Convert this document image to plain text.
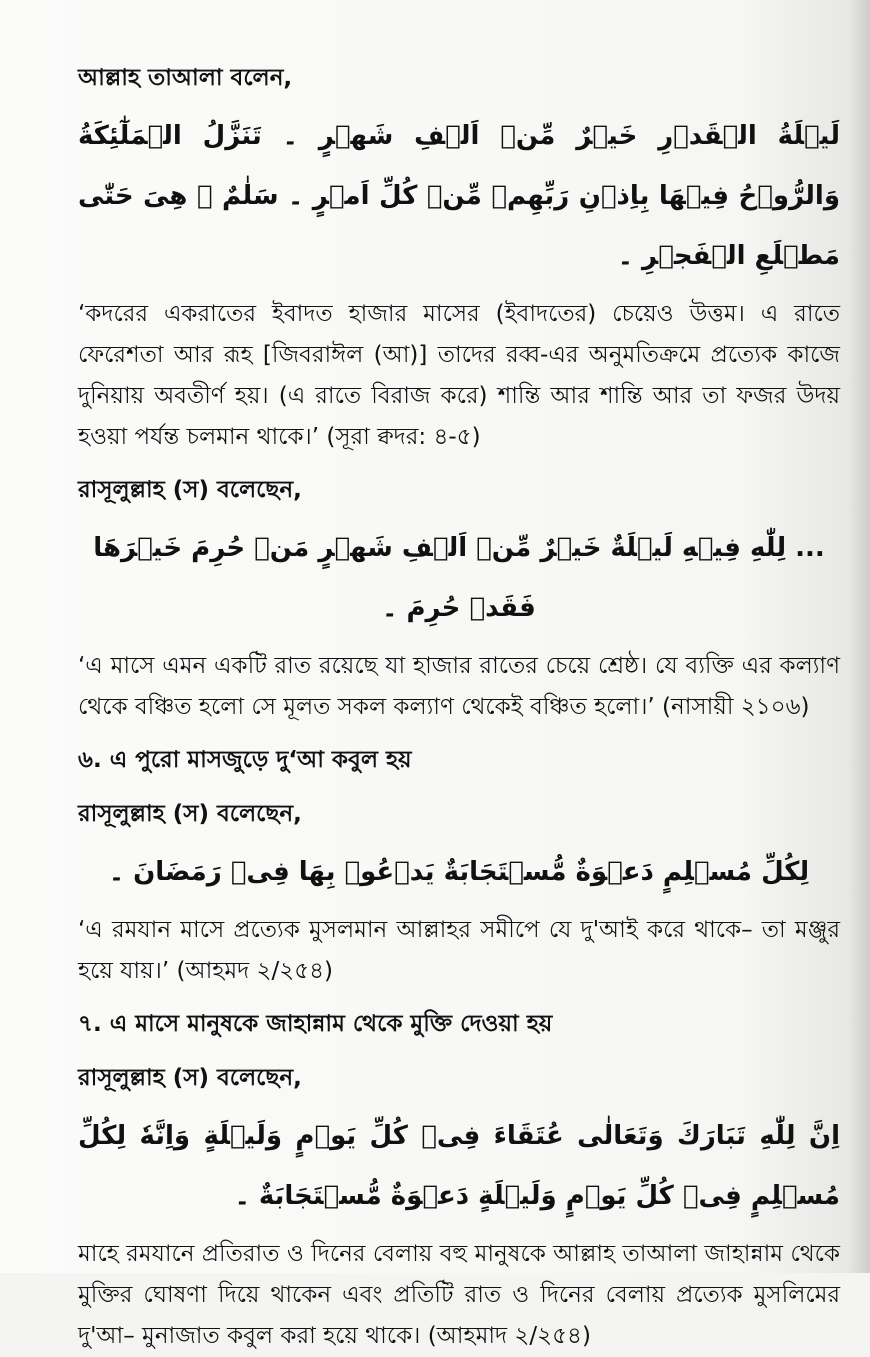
আল্লাহ তাআলা বলেন,

لَيۡلَةُ الۡقَدۡرِ خَيۡرٌ مِّنۡ اَلۡفِ شَهۡرٍ ۔ تَنَزَّلُ الۡمَلٰٓئِكَةُ وَالرُّوۡحُ فِيۡهَا بِاِذۡنِ رَبِّهِمۡ مِّنۡ كُلِّ اَمۡرٍ ۔ سَلٰمٌ ۛ هِیَ حَتّٰى مَطۡلَعِ الۡفَجۡرِ ۔

‘কদরের একরাতের ইবাদত হাজার মাসের (ইবাদতের) চেয়েও উত্তম। এ রাতে ফেরেশতা আর রূহ [জিবরাঈল (আ)] তাদের রব্ব-এর অনুমতিক্রমে প্রত্যেক কাজে দুনিয়ায় অবতীর্ণ হয়। (এ রাতে বিরাজ করে) শান্তি আর শান্তি আর তা ফজর উদয় হওয়া পর্যন্ত চলমান থাকে।’ (সূরা ক্বদর: ৪-৫)

রাসূলুল্লাহ (স) বলেছেন,

... لِلّٰهِ فِيۡهِ لَيۡلَةٌ خَيۡرٌ مِّنۡ اَلۡفِ شَهۡرٍ مَنۡ حُرِمَ خَيۡرَهَا فَقَدۡ حُرِمَ ۔

‘এ মাসে এমন একটি রাত রয়েছে যা হাজার রাতের চেয়ে শ্রেষ্ঠ। যে ব্যক্তি এর কল্যাণ থেকে বঞ্চিত হলো সে মূলত সকল কল্যাণ থেকেই বঞ্চিত হলো।’ (নাসায়ী ২১০৬)

৬. এ পুরো মাসজুড়ে দু‘আ কবুল হয়

রাসূলুল্লাহ (স) বলেছেন,

لِكُلِّ مُسۡلِمٍ دَعۡوَةٌ مُّسۡتَجَابَةٌ يَدۡعُوۡ بِهَا فِیۡ رَمَضَانَ ۔

‘এ রমযান মাসে প্রত্যেক মুসলমান আল্লাহর সমীপে যে দু'আই করে থাকে– তা মঞ্জুর হয়ে যায়।’ (আহমদ ২/২৫৪)

৭. এ মাসে মানুষকে জাহান্নাম থেকে মুক্তি দেওয়া হয়

রাসূলুল্লাহ (স) বলেছেন,

اِنَّ لِلّٰهِ تَبَارَكَ وَتَعَالٰى عُتَقَاءَ فِیۡ كُلِّ يَوۡمٍ وَلَيۡلَةٍ وَاِنَّهٗ لِكُلِّ مُسۡلِمٍ فِیۡ كُلِّ يَوۡمٍ وَلَيۡلَةٍ دَعۡوَةٌ مُّسۡتَجَابَةٌ ۔

মাহে রমযানে প্রতিরাত ও দিনের বেলায় বহু মানুষকে আল্লাহ তাআলা জাহান্নাম থেকে মুক্তির ঘোষণা দিয়ে থাকেন এবং প্রতিটি রাত ও দিনের বেলায় প্রত্যেক মুসলিমের দু'আ– মুনাজাত কবুল করা হয়ে থাকে। (আহমাদ ২/২৫৪)
